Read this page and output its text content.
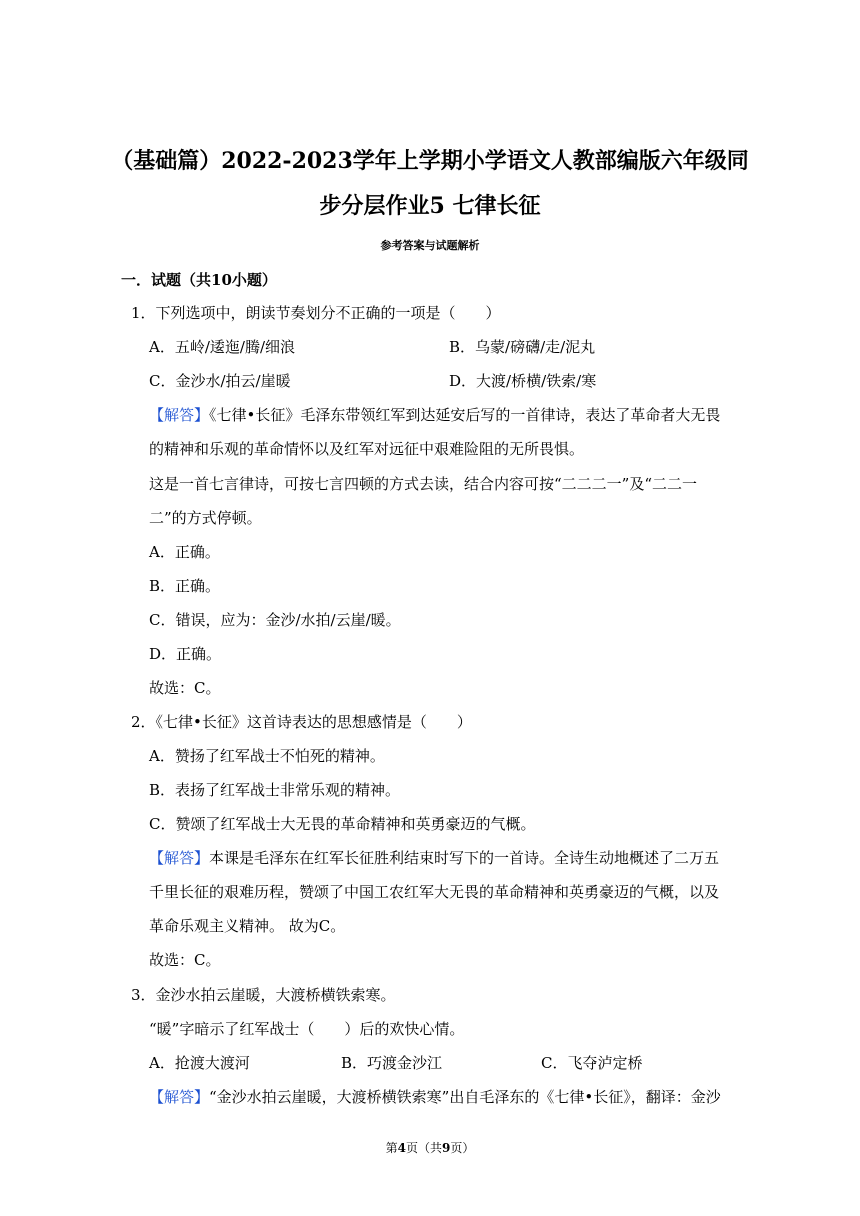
（基础篇）2022-2023学年上学期小学语文人教部编版六年级同
步分层作业5 七律长征
参考答案与试题解析
一．试题（共10小题）
1．下列选项中，朗读节奏划分不正确的一项是（　　）
A．五岭/逶迤/腾/细浪	B．乌蒙/磅礴/走/泥丸
C．金沙水/拍云/崖暖	D．大渡/桥横/铁索/寒
【解答】《七律•长征》毛泽东带领红军到达延安后写的一首律诗，表达了革命者大无畏
的精神和乐观的革命情怀以及红军对远征中艰难险阻的无所畏惧。
这是一首七言律诗，可按七言四顿的方式去读，结合内容可按“二二二一”及“二二一
二”的方式停顿。
A．正确。
B．正确。
C．错误，应为：金沙/水拍/云崖/暖。
D．正确。
故选：C。
2．《七律•长征》这首诗表达的思想感情是（　　）
A．赞扬了红军战士不怕死的精神。
B．表扬了红军战士非常乐观的精神。
C．赞颂了红军战士大无畏的革命精神和英勇豪迈的气概。
【解答】本课是毛泽东在红军长征胜利结束时写下的一首诗。全诗生动地概述了二万五
千里长征的艰难历程，赞颂了中国工农红军大无畏的革命精神和英勇豪迈的气概，以及
革命乐观主义精神。 故为C。
故选：C。
3．金沙水拍云崖暖，大渡桥横铁索寒。
“暖”字暗示了红军战士（　　）后的欢快心情。
A．抢渡大渡河	B．巧渡金沙江	C．飞夺泸定桥
【解答】“金沙水拍云崖暖，大渡桥横铁索寒”出自毛泽东的《七律•长征》，翻译：金沙
第4页（共9页）
